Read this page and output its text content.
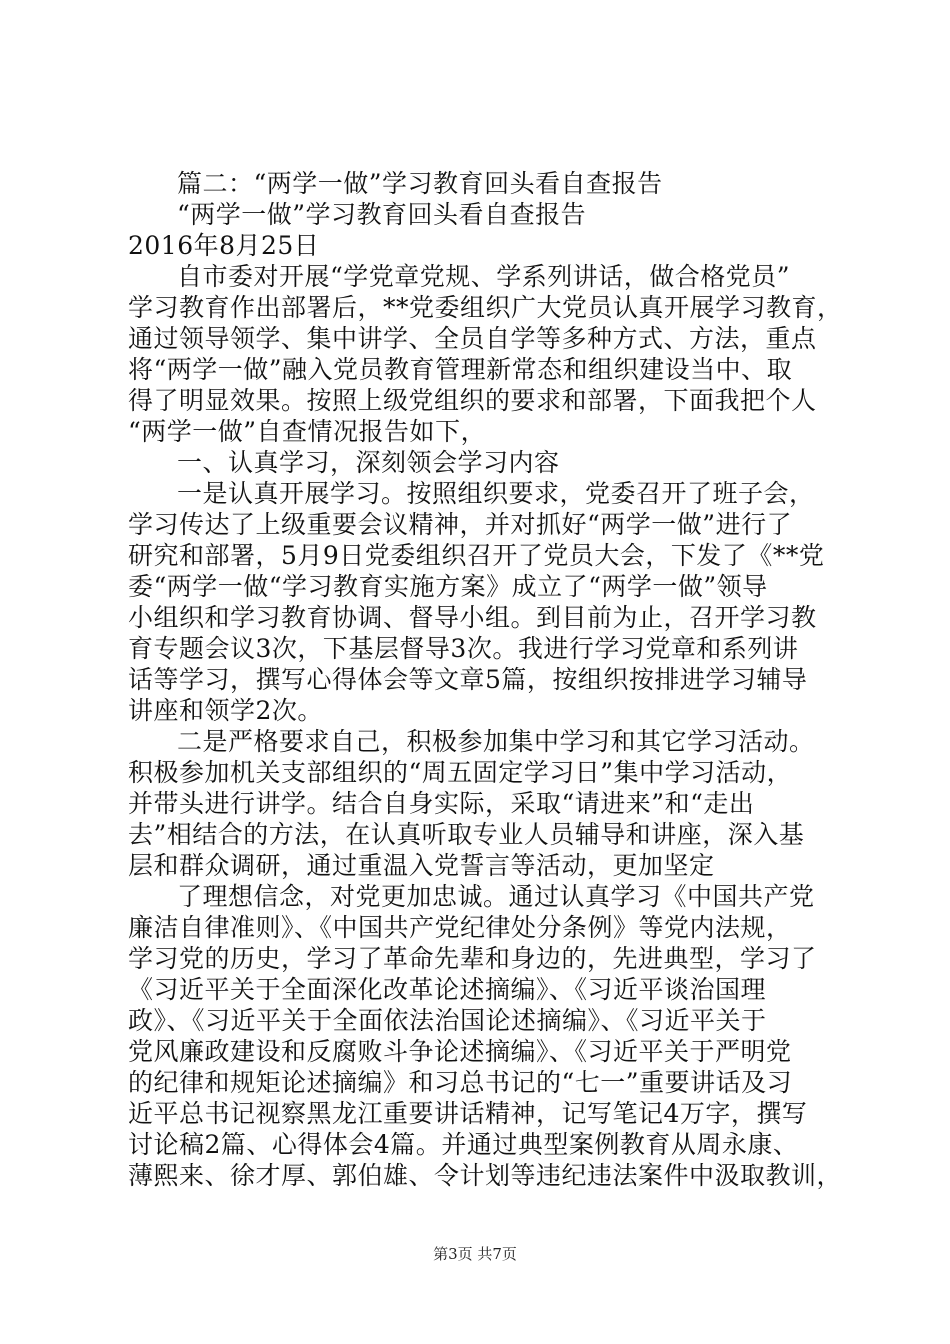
篇二：“两学一做”学习教育回头看自查报告
“两学一做”学习教育回头看自查报告
2016年8月25日
自市委对开展“学党章党规、学系列讲话，做合格党员”
学习教育作出部署后，**党委组织广大党员认真开展学习教育，
通过领导领学、集中讲学、全员自学等多种方式、方法，重点
将“两学一做”融入党员教育管理新常态和组织建设当中、取
得了明显效果。按照上级党组织的要求和部署，下面我把个人
“两学一做”自查情况报告如下，
一、认真学习，深刻领会学习内容
一是认真开展学习。按照组织要求，党委召开了班子会，
学习传达了上级重要会议精神，并对抓好“两学一做”进行了
研究和部署，5月9日党委组织召开了党员大会，下发了《**党
委“两学一做“学习教育实施方案》成立了“两学一做”领导
小组织和学习教育协调、督导小组。到目前为止，召开学习教
育专题会议3次，下基层督导3次。我进行学习党章和系列讲
话等学习，撰写心得体会等文章5篇，按组织按排进学习辅导
讲座和领学2次。
二是严格要求自己，积极参加集中学习和其它学习活动。
积极参加机关支部组织的“周五固定学习日”集中学习活动，
并带头进行讲学。结合自身实际，采取“请进来”和“走出
去”相结合的方法，在认真听取专业人员辅导和讲座，深入基
层和群众调研，通过重温入党誓言等活动，更加坚定
了理想信念，对党更加忠诚。通过认真学习《中国共产党
廉洁自律准则》、《中国共产党纪律处分条例》等党内法规，
学习党的历史，学习了革命先辈和身边的，先进典型，学习了
《习近平关于全面深化改革论述摘编》、《习近平谈治国理
政》、《习近平关于全面依法治国论述摘编》、《习近平关于
党风廉政建设和反腐败斗争论述摘编》、《习近平关于严明党
的纪律和规矩论述摘编》和习总书记的“七一”重要讲话及习
近平总书记视察黑龙江重要讲话精神，记写笔记4万字，撰写
讨论稿2篇、心得体会4篇。并通过典型案例教育从周永康、
薄熙来、徐才厚、郭伯雄、令计划等违纪违法案件中汲取教训，
第3页 共7页
